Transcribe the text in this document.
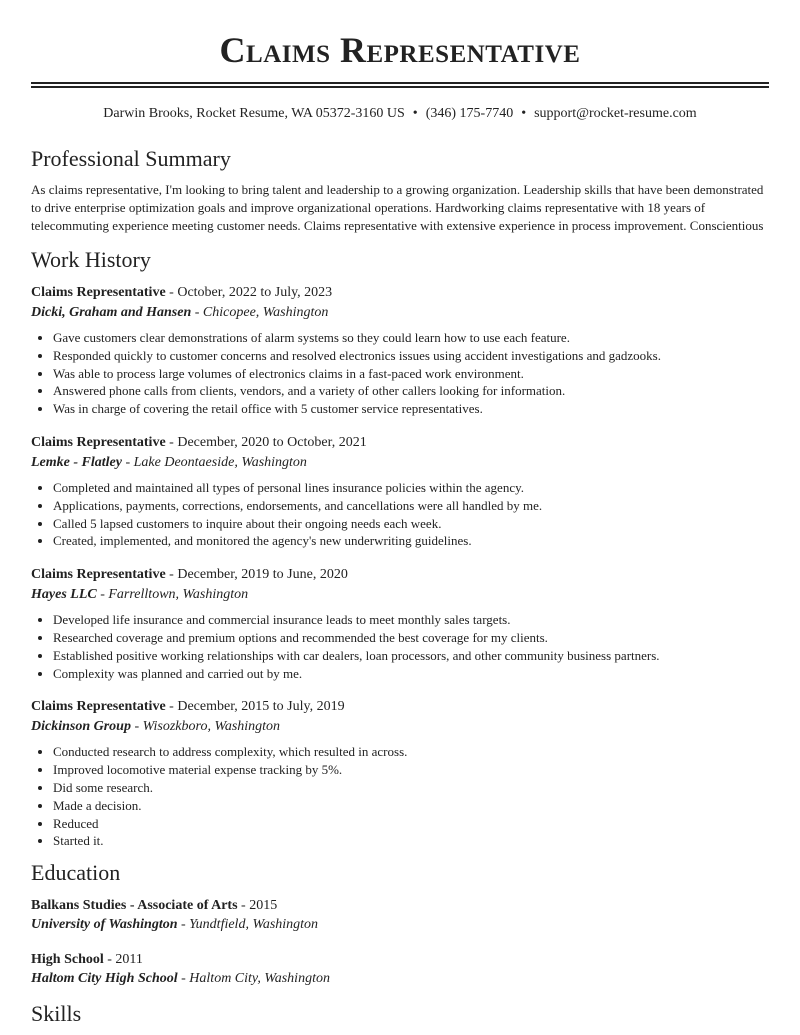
Claims Representative
Darwin Brooks, Rocket Resume, WA 05372-3160 US • (346) 175-7740 • support@rocket-resume.com
Professional Summary

As claims representative, I'm looking to bring talent and leadership to a growing organization. Leadership skills that have been demonstrated to drive enterprise optimization goals and improve organizational operations. Hardworking claims representative with 18 years of telecommuting experience meeting customer needs. Claims representative with extensive experience in process improvement. Conscientious

Work History
Claims Representative - October, 2022 to July, 2023
Dicki, Graham and Hansen - Chicopee, Washington
• Gave customers clear demonstrations of alarm systems so they could learn how to use each feature.
• Responded quickly to customer concerns and resolved electronics issues using accident investigations and gadzooks.
• Was able to process large volumes of electronics claims in a fast-paced work environment.
• Answered phone calls from clients, vendors, and a variety of other callers looking for information.
• Was in charge of covering the retail office with 5 customer service representatives.
Claims Representative - December, 2020 to October, 2021
Lemke - Flatley - Lake Deontaeside, Washington
• Completed and maintained all types of personal lines insurance policies within the agency.
• Applications, payments, corrections, endorsements, and cancellations were all handled by me.
• Called 5 lapsed customers to inquire about their ongoing needs each week.
• Created, implemented, and monitored the agency's new underwriting guidelines.
Claims Representative - December, 2019 to June, 2020
Hayes LLC - Farrelltown, Washington
• Developed life insurance and commercial insurance leads to meet monthly sales targets.
• Researched coverage and premium options and recommended the best coverage for my clients.
• Established positive working relationships with car dealers, loan processors, and other community business partners.
• Complexity was planned and carried out by me.
Claims Representative - December, 2015 to July, 2019
Dickinson Group - Wisozkboro, Washington
• Conducted research to address complexity, which resulted in across.
• Improved locomotive material expense tracking by 5%.
• Did some research.
• Made a decision.
• Reduced
• Started it.
Education
Balkans Studies - Associate of Arts - 2015
University of Washington - Yundtfield, Washington
High School - 2011
Haltom City High School - Haltom City, Washington
Skills
